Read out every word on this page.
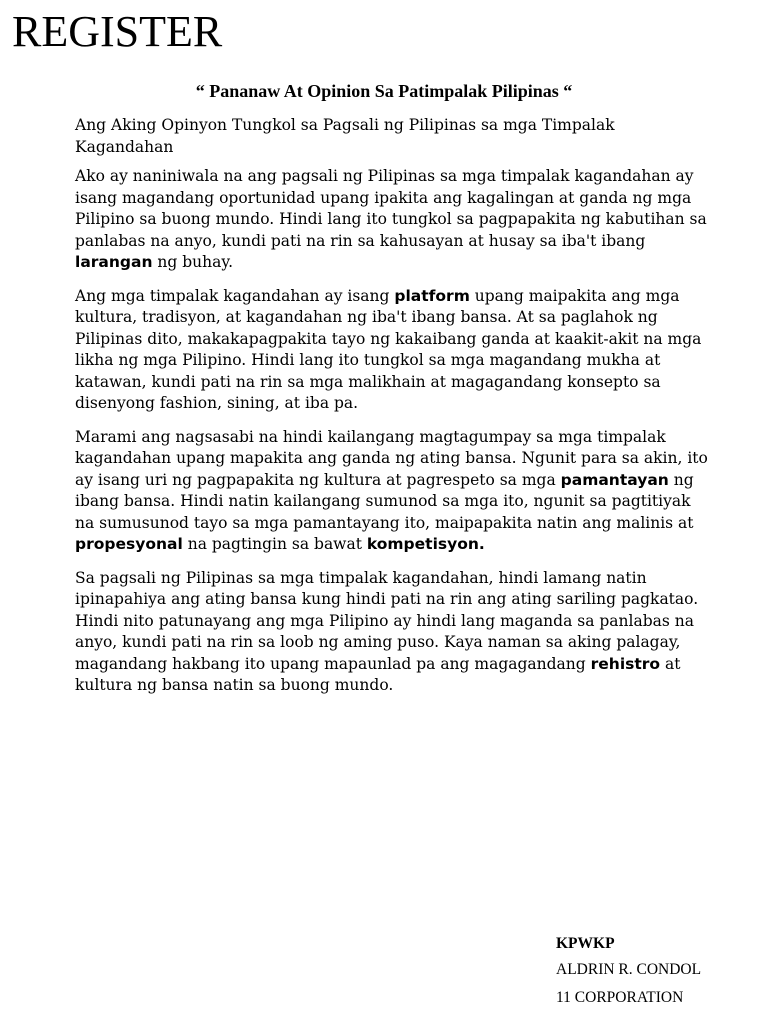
REGISTER
“ Pananaw At Opinion Sa Patimpalak Pilipinas “

Ang Aking Opinyon Tungkol sa Pagsali ng Pilipinas sa mga Timpalak Kagandahan

Ako ay naniniwala na ang pagsali ng Pilipinas sa mga timpalak kagandahan ay isang magandang oportunidad upang ipakita ang kagalingan at ganda ng mga Pilipino sa buong mundo. Hindi lang ito tungkol sa pagpapakita ng kabutihan sa panlabas na anyo, kundi pati na rin sa kahusayan at husay sa iba't ibang larangan ng buhay.

Ang mga timpalak kagandahan ay isang platform upang maipakita ang mga kultura, tradisyon, at kagandahan ng iba't ibang bansa. At sa paglahok ng Pilipinas dito, makakapagpakita tayo ng kakaibang ganda at kaakit-akit na mga likha ng mga Pilipino. Hindi lang ito tungkol sa mga magandang mukha at katawan, kundi pati na rin sa mga malikhain at magagandang konsepto sa disenyong fashion, sining, at iba pa.

Marami ang nagsasabi na hindi kailangang magtagumpay sa mga timpalak kagandahan upang mapakita ang ganda ng ating bansa. Ngunit para sa akin, ito ay isang uri ng pagpapakita ng kultura at pagrespeto sa mga pamantayan ng ibang bansa. Hindi natin kailangang sumunod sa mga ito, ngunit sa pagtitiyak na sumusunod tayo sa mga pamantayang ito, maipapakita natin ang malinis at propesyonal na pagtingin sa bawat kompetisyon.

Sa pagsali ng Pilipinas sa mga timpalak kagandahan, hindi lamang natin ipinapahiya ang ating bansa kung hindi pati na rin ang ating sariling pagkatao. Hindi nito patunayang ang mga Pilipino ay hindi lang maganda sa panlabas na anyo, kundi pati na rin sa loob ng aming puso. Kaya naman sa aking palagay, magandang hakbang ito upang mapaunlad pa ang magagandang rehistro at kultura ng bansa natin sa buong mundo.

KPWKP

ALDRIN R. CONDOL

11 CORPORATION
